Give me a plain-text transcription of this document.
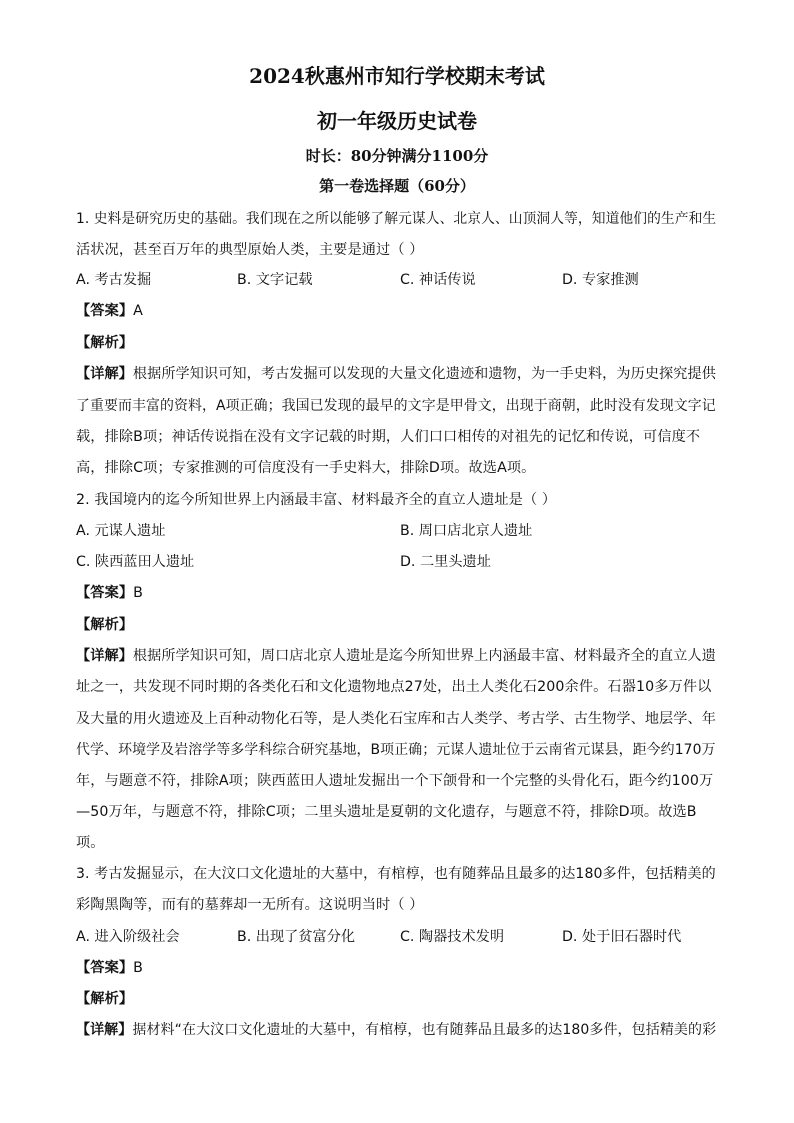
2024秋惠州市知行学校期末考试
初一年级历史试卷
时长：80分钟满分1100分
第一卷选择题（60分）
1. 史料是研究历史的基础。我们现在之所以能够了解元谋人、北京人、山顶洞人等，知道他们的生产和生
活状况，甚至百万年的典型原始人类，主要是通过（ ）
A. 考古发掘	B. 文字记载	C. 神话传说	D. 专家推测
【答案】A
【解析】
【详解】根据所学知识可知，考古发掘可以发现的大量文化遗迹和遗物，为一手史料，为历史探究提供
了重要而丰富的资料，A项正确；我国已发现的最早的文字是甲骨文，出现于商朝，此时没有发现文字记
载，排除B项；神话传说指在没有文字记载的时期，人们口口相传的对祖先的记忆和传说，可信度不
高，排除C项；专家推测的可信度没有一手史料大，排除D项。故选A项。
2. 我国境内的迄今所知世界上内涵最丰富、材料最齐全的直立人遗址是（ ）
A. 元谋人遗址	B. 周口店北京人遗址
C. 陕西蓝田人遗址	D. 二里头遗址
【答案】B
【解析】
【详解】根据所学知识可知，周口店北京人遗址是迄今所知世界上内涵最丰富、材料最齐全的直立人遗
址之一，共发现不同时期的各类化石和文化遗物地点27处，出土人类化石200余件。石器10多万件以
及大量的用火遗迹及上百种动物化石等，是人类化石宝库和古人类学、考古学、古生物学、地层学、年
代学、环境学及岩溶学等多学科综合研究基地，B项正确；元谋人遗址位于云南省元谋县，距今约170万
年，与题意不符，排除A项；陕西蓝田人遗址发掘出一个下颌骨和一个完整的头骨化石，距今约100万
—50万年，与题意不符，排除C项；二里头遗址是夏朝的文化遗存，与题意不符，排除D项。故选B
项。
3. 考古发掘显示，在大汶口文化遗址的大墓中，有棺椁，也有随葬品且最多的达180多件，包括精美的
彩陶黑陶等，而有的墓葬却一无所有。这说明当时（ ）
A. 进入阶级社会	B. 出现了贫富分化	C. 陶器技术发明	D. 处于旧石器时代
【答案】B
【解析】
【详解】据材料“在大汶口文化遗址的大墓中，有棺椁，也有随葬品且最多的达180多件，包括精美的彩
